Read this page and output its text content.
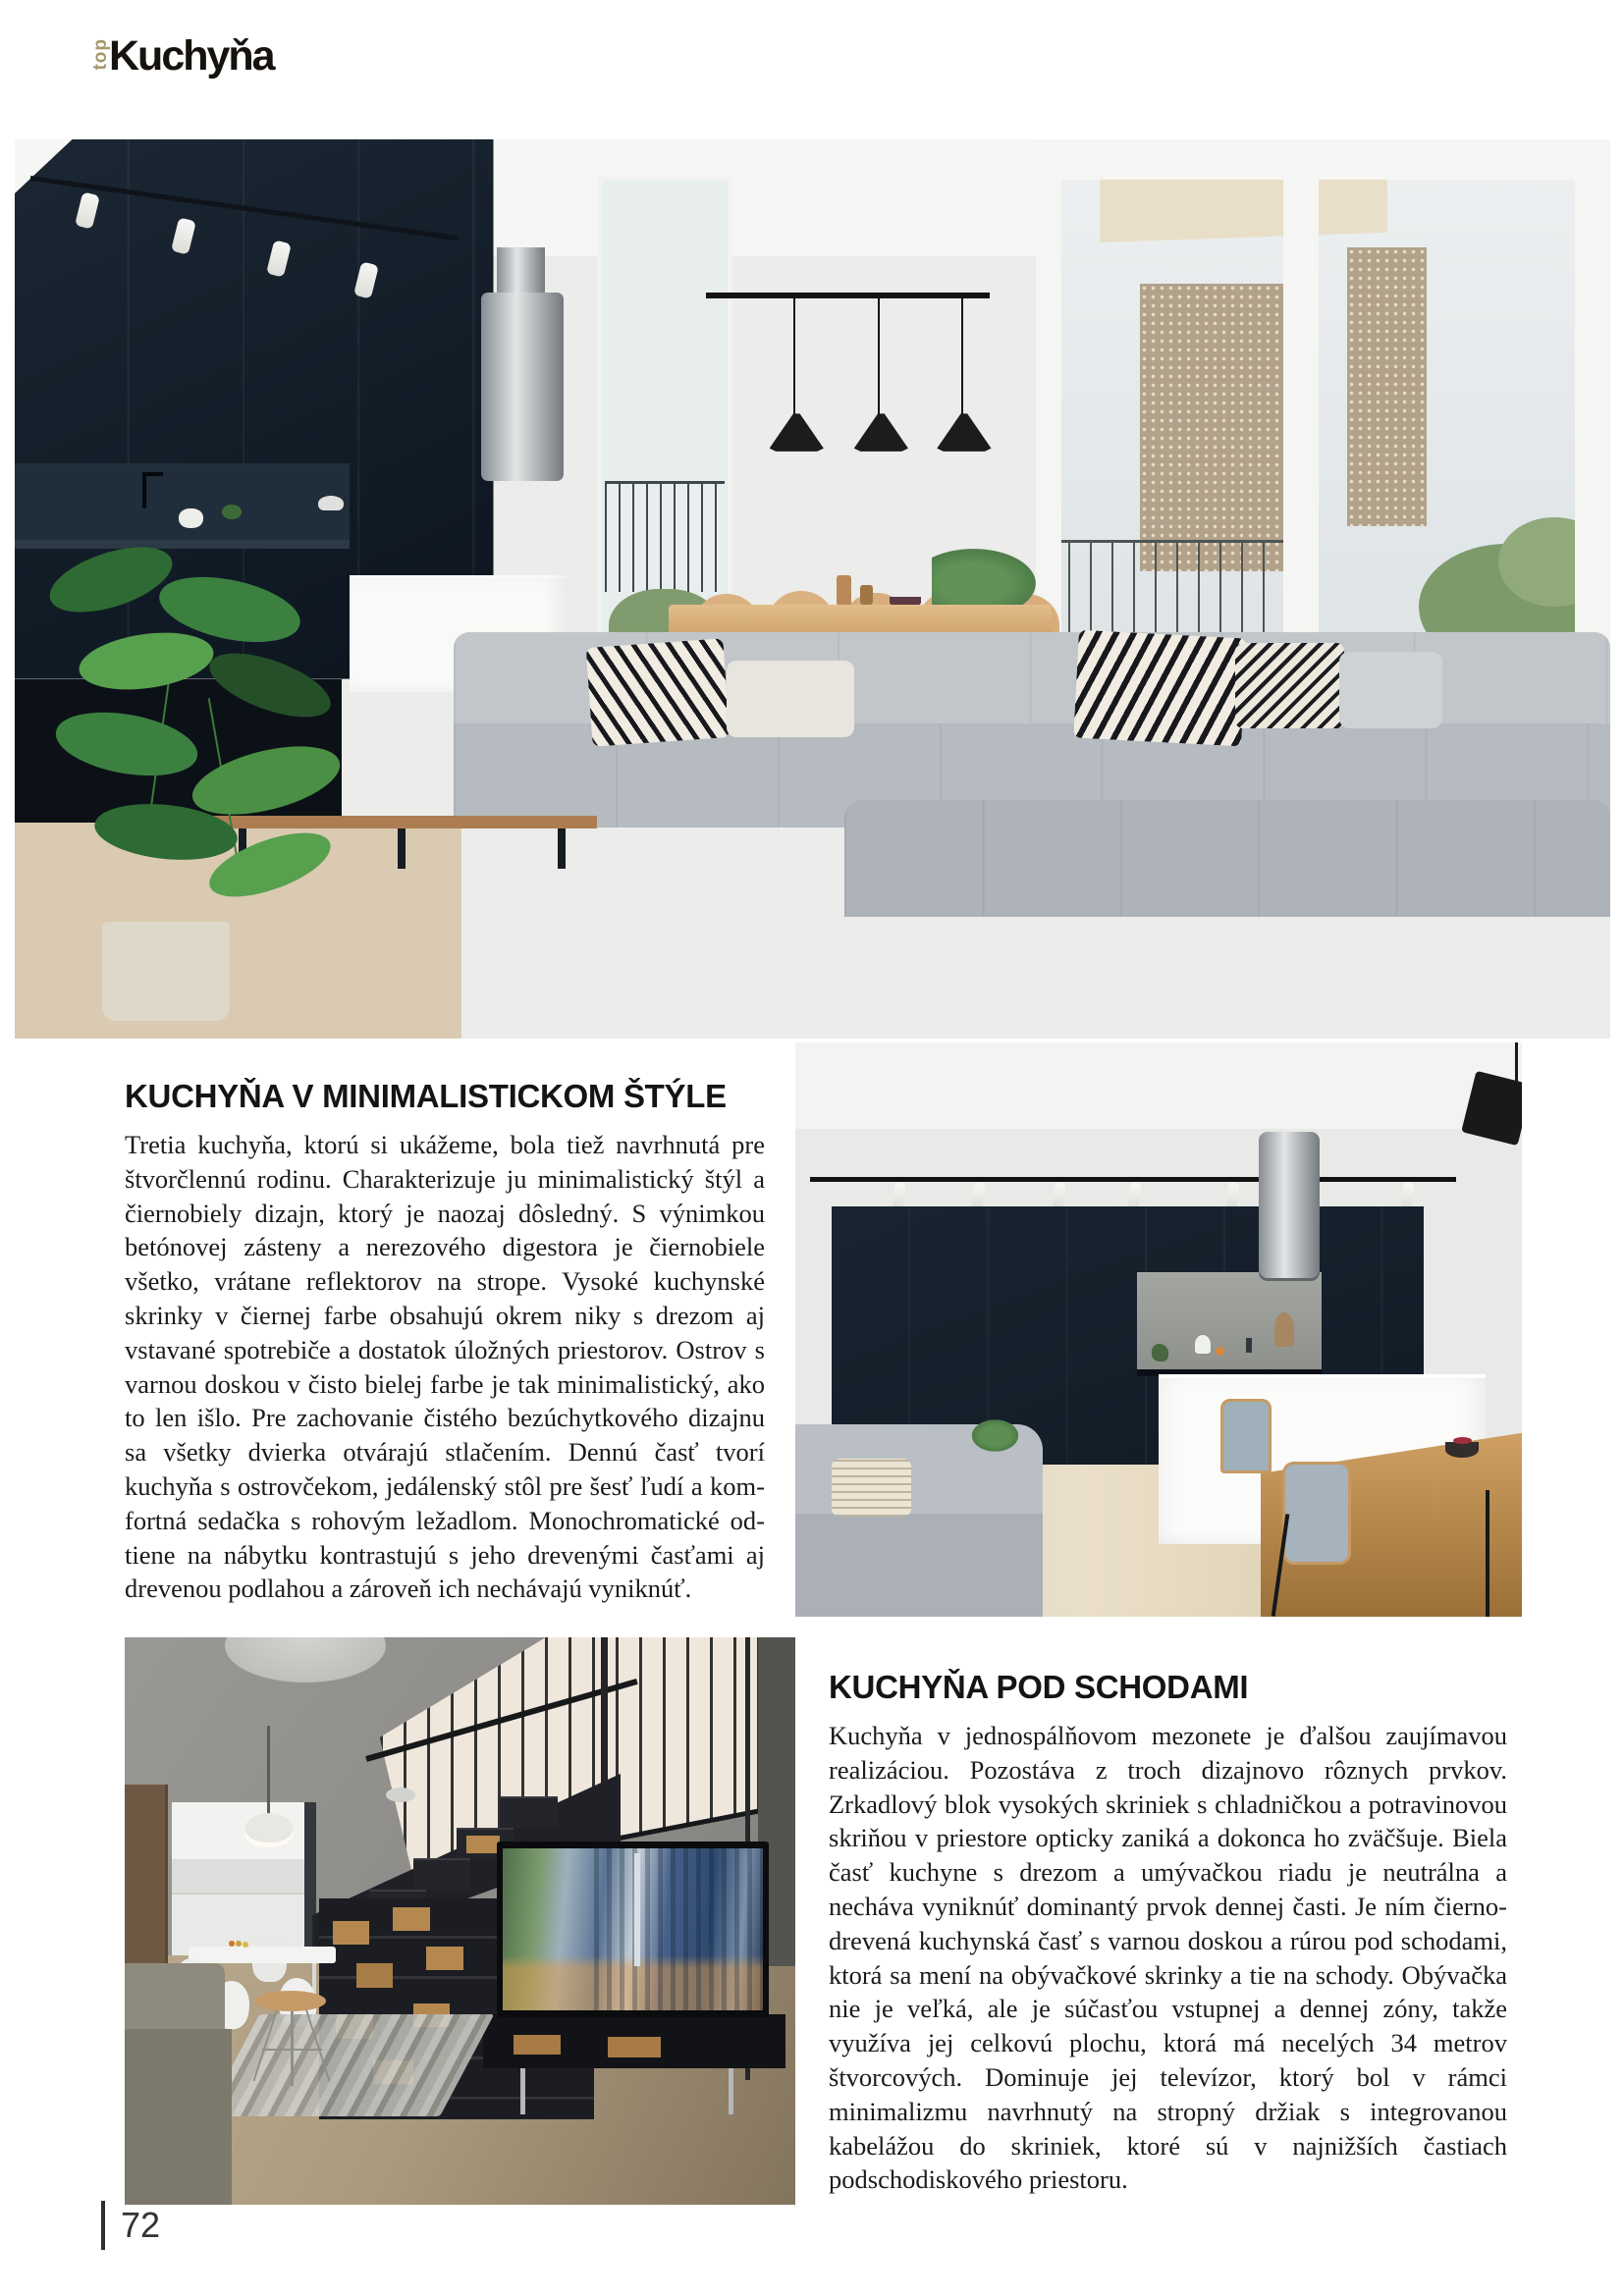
top
Kuchyňa
KUCHYŇA V MINIMALISTICKOM ŠTÝLE

Tretia kuchyňa, ktorú si ukážeme, bola tiež navrhnutá pre štvorčlennú rodinu. Charakterizuje ju minimalistický štýl a čiernobiely dizajn, ktorý je naozaj dôsledný. S výnimkou betónovej zásteny a nerezového digestora je čiernobiele všetko, vrátane reflektorov na strope. Vysoké kuchynské skrinky v čiernej farbe obsahujú okrem niky s drezom aj vstavané spotrebiče a dostatok úložných priestorov. Ostrov s varnou doskou v čisto bielej farbe je tak minimalistický, ako to len išlo. Pre zachovanie čistého bezúchytkového dizajnu sa všetky dvierka otvárajú stlačením. Dennú časť tvorí kuchyňa s ostrovčekom, jedálenský stôl pre šesť ľudí a komfortná sedačka s rohovým ležadlom. Monochromatické odtiene na nábytku kontrastujú s jeho drevenými časťami aj drevenou podlahou a zároveň ich nechávajú vyniknúť.

KUCHYŇA POD SCHODAMI

Kuchyňa v jednospálňovom mezonete je ďalšou zaujímavou realizáciou. Pozostáva z troch dizajnovo rôznych prvkov. Zrkadlový blok vysokých skriniek s chladničkou a potravinovou skriňou v priestore opticky zaniká a dokonca ho zväčšuje. Biela časť kuchyne s drezom a umývačkou riadu je neutrálna a necháva vyniknúť dominantý prvok dennej časti. Je ním čierno-drevená kuchynská časť s varnou doskou a rúrou pod schodami, ktorá sa mení na obývačkové skrinky a tie na schody. Obývačka nie je veľká, ale je súčasťou vstupnej a dennej zóny, takže využíva jej celkovú plochu, ktorá má necelých 34 metrov štvorcových. Dominuje jej televízor, ktorý bol v rámci minimalizmu navrhnutý na stropný držiak s integrovanou kabelážou do skriniek, ktoré sú v najnižších častiach podschodiskového priestoru.

72
